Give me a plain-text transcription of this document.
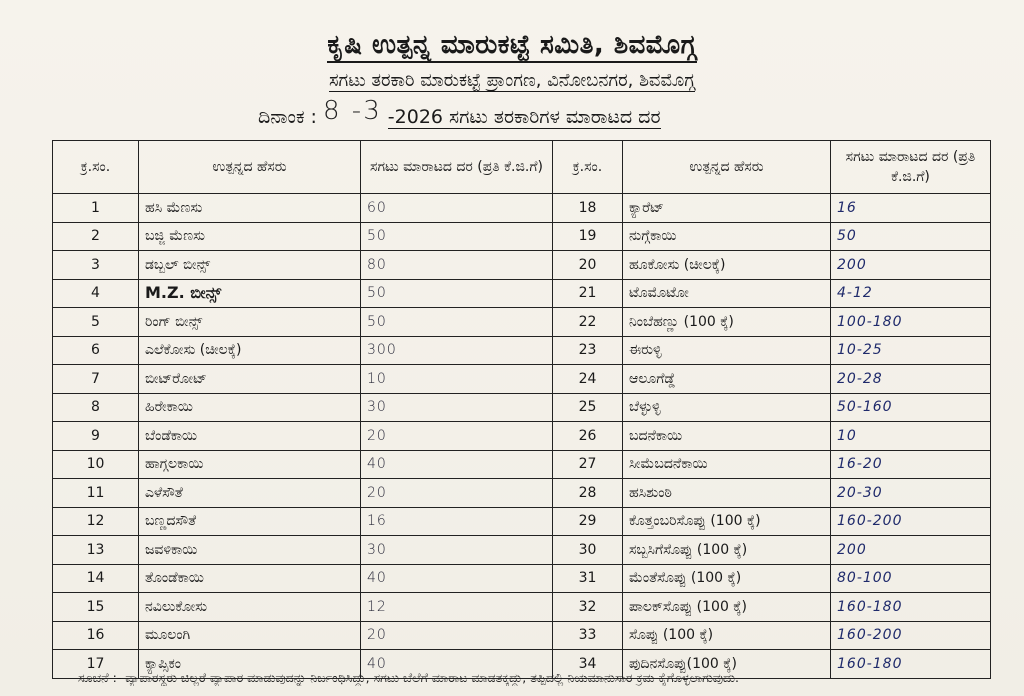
ಕೃಷಿ ಉತ್ಪನ್ನ ಮಾರುಕಟ್ಟೆ ಸಮಿತಿ, ಶಿವಮೊಗ್ಗ
ಸಗಟು ತರಕಾರಿ ಮಾರುಕಟ್ಟೆ ಪ್ರಾಂಗಣ, ವಿನೋಬನಗರ, ಶಿವಮೊಗ್ಗ
ದಿನಾಂಕ : 8 -3 -2026 ಸಗಟು ತರಕಾರಿಗಳ ಮಾರಾಟದ ದರ
ಕ್ರ.ಸಂ.	ಉತ್ಪನ್ನದ ಹೆಸರು	ಸಗಟು ಮಾರಾಟದ ದರ (ಪ್ರತಿ ಕೆ.ಜಿ.ಗೆ)	ಕ್ರ.ಸಂ.	ಉತ್ಪನ್ನದ ಹೆಸರು	ಸಗಟು ಮಾರಾಟದ ದರ (ಪ್ರತಿ ಕೆ.ಜಿ.ಗೆ)
1	ಹಸಿ ಮೆಣಸು	60	18	ಕ್ಯಾರೆಟ್	16
2	ಬಜ್ಜಿ ಮೆಣಸು	50	19	ನುಗ್ಗೆಕಾಯಿ	50
3	ಡಬ್ಬಲ್ ಬೀನ್ಸ್	80	20	ಹೂಕೋಸು (ಚೀಲಕ್ಕೆ)	200
4	M.Z. ಬೀನ್ಸ್	50	21	ಟೊಮೊಟೋ	4-12
5	ರಿಂಗ್ ಬೀನ್ಸ್	50	22	ನಿಂಬೆಹಣ್ಣು (100 ಕ್ಕೆ)	100-180
6	ಎಲೆಕೋಸು (ಚೀಲಕ್ಕೆ)	300	23	ಈರುಳ್ಳಿ	10-25
7	ಬೀಟ್‌ರೋಟ್	10	24	ಆಲೂಗೆಡ್ಡೆ	20-28
8	ಹಿರೇಕಾಯಿ	30	25	ಬೆಳ್ಳುಳ್ಳಿ	50-160
9	ಬೆಂಡೆಕಾಯಿ	20	26	ಬದನೆಕಾಯಿ	10
10	ಹಾಗ್ಗಲಕಾಯಿ	40	27	ಸೀಮೆಬದನೆಕಾಯಿ	16-20
11	ಎಳೆಸೌತೆ	20	28	ಹಸಿಶುಂಠಿ	20-30
12	ಬಣ್ಣದಸೌತೆ	16	29	ಕೊತ್ತಂಬರಿಸೊಪ್ಪು (100 ಕ್ಕೆ)	160-200
13	ಜವಳಿಕಾಯಿ	30	30	ಸಬ್ಬಸಿಗೆಸೊಪ್ಪು (100 ಕ್ಕೆ)	200
14	ತೊಂಡೆಕಾಯಿ	40	31	ಮೆಂತೆಸೊಪ್ಪು (100 ಕ್ಕೆ)	80-100
15	ನವಿಲುಕೋಸು	12	32	ಪಾಲಕ್‌ಸೊಪ್ಪು (100 ಕ್ಕೆ)	160-180
16	ಮೂಲಂಗಿ	20	33	ಸೊಪ್ಪು (100 ಕ್ಕೆ)	160-200
17	ಕ್ಯಾಪ್ಸಿಕಂ	40	34	ಪುದಿನಸೊಪ್ಪು(100 ಕ್ಕೆ)	160-180
ಸೂಚನೆ :- ವ್ಯಾಪಾರಸ್ಥರು ಚಿಲ್ಲರೆ ವ್ಯಾಪಾರ ಮಾಡುವುದನ್ನು ನಿರ್ಬಂಧಿಸಿದ್ದು, ಸಗಟು ಬೆಲೆಗೆ ಮಾರಾಟ ಮಾಡತಕ್ಕದ್ದು, ತಪ್ಪಿದಲ್ಲಿ ನಿಯಮಾನುಸಾರ ಕ್ರಮ ಕೈಗೊಳ್ಳಲಾಗುವುದು.
